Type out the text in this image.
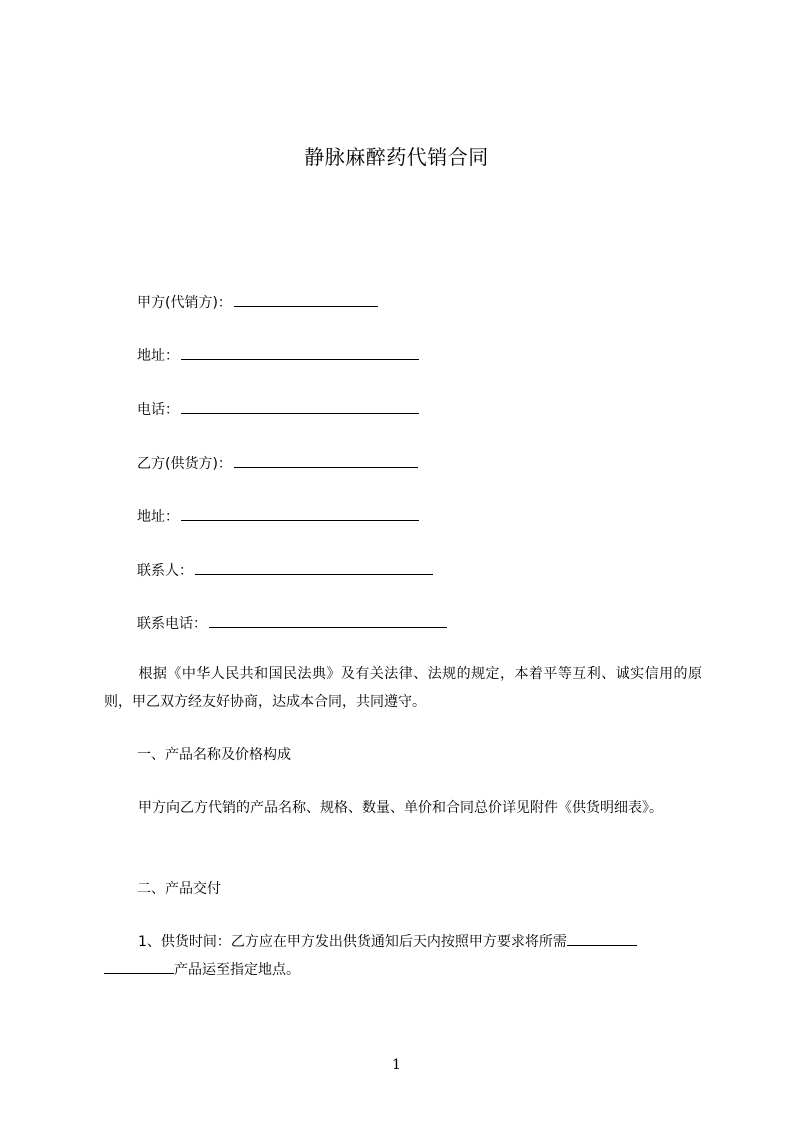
静脉麻醉药代销合同
甲方(代销方)：
地址：
电话：
乙方(供货方)：
地址：
联系人：
联系电话：
根据《中华人民共和国民法典》及有关法律、法规的规定，本着平等互利、诚实信用的原则，甲乙双方经友好协商，达成本合同，共同遵守。
一、产品名称及价格构成
甲方向乙方代销的产品名称、规格、数量、单价和合同总价详见附件《供货明细表》。
二、产品交付
1、供货时间：乙方应在甲方发出供货通知后天内按照甲方要求将所需
产品运至指定地点。
1
